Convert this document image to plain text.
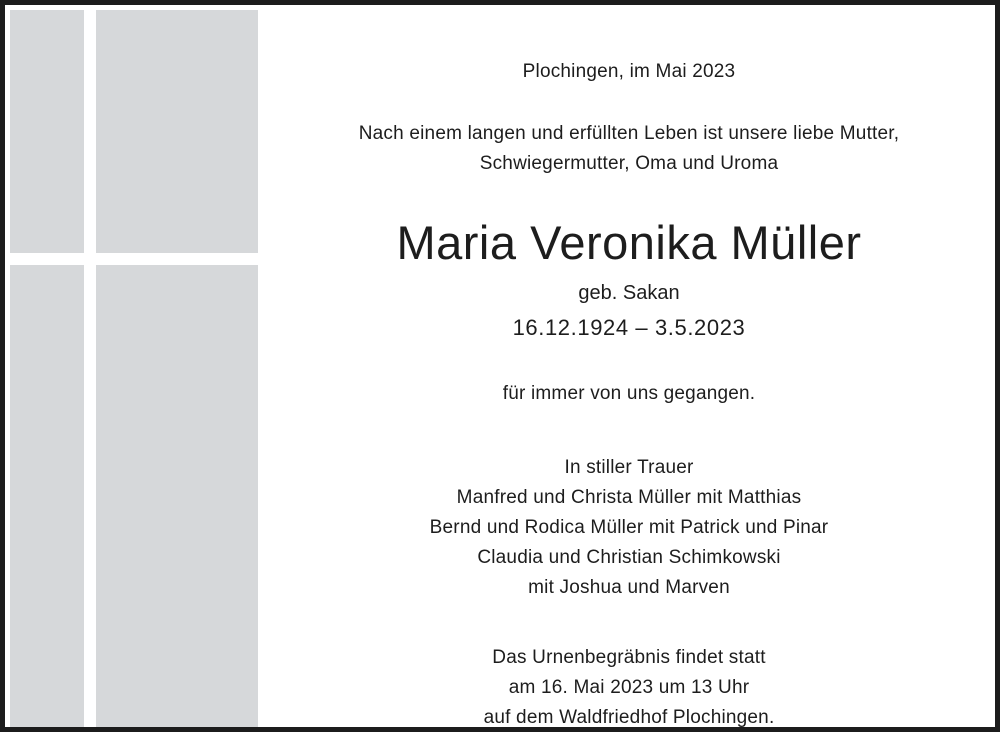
Plochingen, im Mai 2023
Nach einem langen und erfüllten Leben ist unsere liebe Mutter,
Schwiegermutter, Oma und Uroma
Maria Veronika Müller
geb. Sakan
16.12.1924 – 3.5.2023
für immer von uns gegangen.
In stiller Trauer
Manfred und Christa Müller mit Matthias
Bernd und Rodica Müller mit Patrick und Pinar
Claudia und Christian Schimkowski
mit Joshua und Marven
Das Urnenbegräbnis findet statt
am 16. Mai 2023 um 13 Uhr
auf dem Waldfriedhof Plochingen.
